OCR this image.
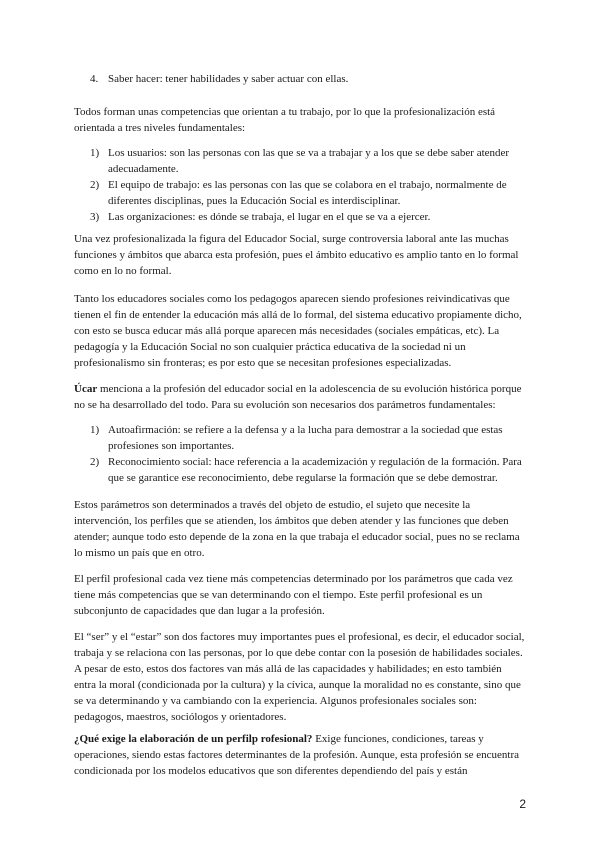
4. Saber hacer: tener habilidades y saber actuar con ellas.

Todos forman unas competencias que orientan a tu trabajo, por lo que la profesionalización está orientada a tres niveles fundamentales:

1) Los usuarios: son las personas con las que se va a trabajar y a los que se debe saber atender adecuadamente.
2) El equipo de trabajo: es las personas con las que se colabora en el trabajo, normalmente de diferentes disciplinas, pues la Educación Social es interdisciplinar.
3) Las organizaciones: es dónde se trabaja, el lugar en el que se va a ejercer.

Una vez profesionalizada la figura del Educador Social, surge controversia laboral ante las muchas funciones y ámbitos que abarca esta profesión, pues el ámbito educativo es amplio tanto en lo formal como en lo no formal.

Tanto los educadores sociales como los pedagogos aparecen siendo profesiones reivindicativas que tienen el fin de entender la educación más allá de lo formal, del sistema educativo propiamente dicho, con esto se busca educar más allá porque aparecen más necesidades (sociales empáticas, etc). La pedagogía y la Educación Social no son cualquier práctica educativa de la sociedad ni un profesionalismo sin fronteras; es por esto que se necesitan profesiones especializadas.

Úcar menciona a la profesión del educador social en la adolescencia de su evolución histórica porque no se ha desarrollado del todo. Para su evolución son necesarios dos parámetros fundamentales:

1) Autoafirmación: se refiere a la defensa y a la lucha para demostrar a la sociedad que estas profesiones son importantes.
2) Reconocimiento social: hace referencia a la academización y regulación de la formación. Para que se garantice ese reconocimiento, debe regularse la formación que se debe demostrar.

Estos parámetros son determinados a través del objeto de estudio, el sujeto que necesite la intervención, los perfiles que se atienden, los ámbitos que deben atender y las funciones que deben atender; aunque todo esto depende de la zona en la que trabaja el educador social, pues no se reclama lo mismo un país que en otro.

El perfil profesional cada vez tiene más competencias determinado por los parámetros que cada vez tiene más competencias que se van determinando con el tiempo. Este perfil profesional es un subconjunto de capacidades que dan lugar a la profesión.

El “ser” y el “estar” son dos factores muy importantes pues el profesional, es decir, el educador social, trabaja y se relaciona con las personas, por lo que debe contar con la posesión de habilidades sociales. A pesar de esto, estos dos factores van más allá de las capacidades y habilidades; en esto también entra la moral (condicionada por la cultura) y la cívica, aunque la moralidad no es constante, sino que se va determinando y va cambiando con la experiencia. Algunos profesionales sociales son: pedagogos, maestros, sociólogos y orientadores.

¿Qué exige la elaboración de un perfilp rofesional? Exige funciones, condiciones, tareas y operaciones, siendo estas factores determinantes de la profesión. Aunque, esta profesión se encuentra condicionada por los modelos educativos que son diferentes dependiendo del país y están

2
